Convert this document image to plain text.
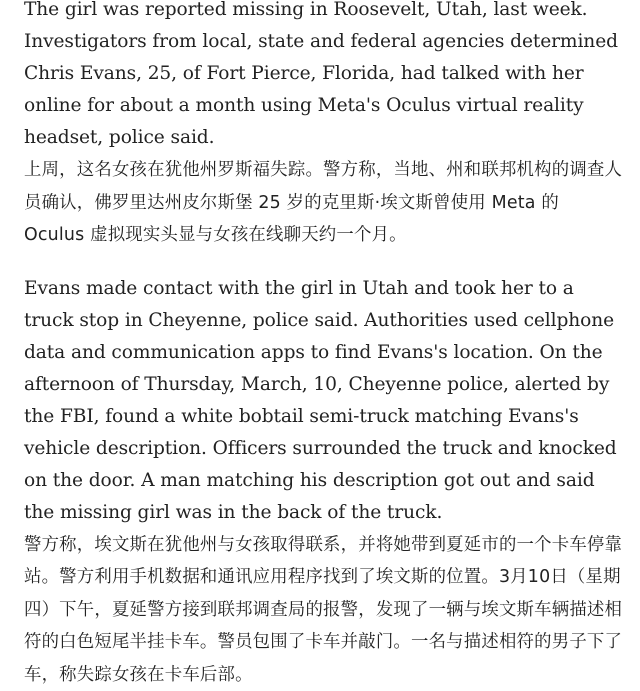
The girl was reported missing in Roosevelt, Utah, last week. Investigators from local, state and federal agencies determined Chris Evans, 25, of Fort Pierce, Florida, had talked with her online for about a month using Meta's Oculus virtual reality headset, police said.

上周，这名女孩在犹他州罗斯福失踪。警方称，当地、州和联邦机构的调查人员确认，佛罗里达州皮尔斯堡 25 岁的克里斯·埃文斯曾使用 Meta 的 Oculus 虚拟现实头显与女孩在线聊天约一个月。

Evans made contact with the girl in Utah and took her to a truck stop in Cheyenne, police said. Authorities used cellphone data and communication apps to find Evans's location. On the afternoon of Thursday, March, 10, Cheyenne police, alerted by the FBI, found a white bobtail semi-truck matching Evans's vehicle description. Officers surrounded the truck and knocked on the door. A man matching his description got out and said the missing girl was in the back of the truck.

警方称，埃文斯在犹他州与女孩取得联系，并将她带到夏延市的一个卡车停靠站。警方利用手机数据和通讯应用程序找到了埃文斯的位置。3月10日（星期四）下午，夏延警方接到联邦调查局的报警，发现了一辆与埃文斯车辆描述相符的白色短尾半挂卡车。警员包围了卡车并敲门。一名与描述相符的男子下了车，称失踪女孩在卡车后部。
